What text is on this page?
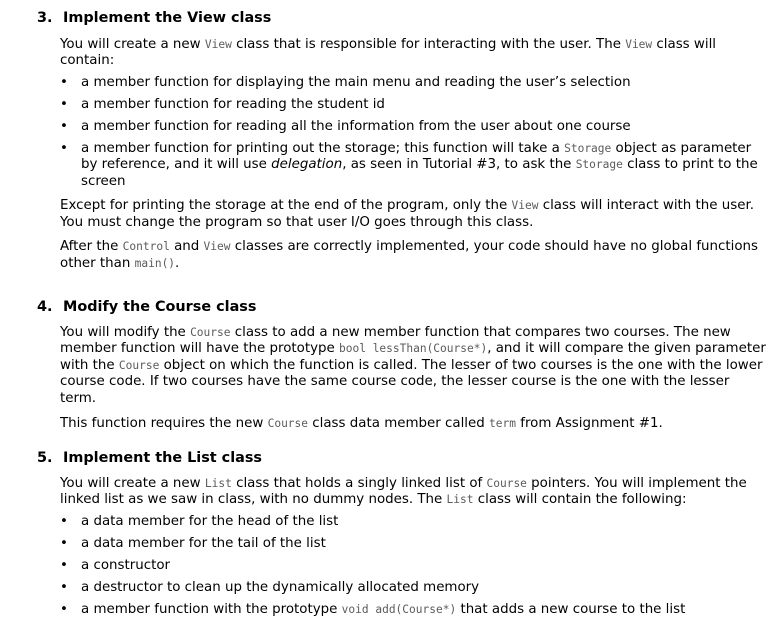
3. Implement the View class

You will create a new View class that is responsible for interacting with the user. The View class will contain:

• a member function for displaying the main menu and reading the user’s selection
• a member function for reading the student id
• a member function for reading all the information from the user about one course
• a member function for printing out the storage; this function will take a Storage object as parameter by reference, and it will use delegation, as seen in Tutorial #3, to ask the Storage class to print to the screen

Except for printing the storage at the end of the program, only the View class will interact with the user. You must change the program so that user I/O goes through this class.

After the Control and View classes are correctly implemented, your code should have no global functions other than main().

4. Modify the Course class

You will modify the Course class to add a new member function that compares two courses. The new member function will have the prototype bool lessThan(Course*), and it will compare the given parameter with the Course object on which the function is called. The lesser of two courses is the one with the lower course code. If two courses have the same course code, the lesser course is the one with the lesser term.

This function requires the new Course class data member called term from Assignment #1.

5. Implement the List class

You will create a new List class that holds a singly linked list of Course pointers. You will implement the linked list as we saw in class, with no dummy nodes. The List class will contain the following:

• a data member for the head of the list
• a data member for the tail of the list
• a constructor
• a destructor to clean up the dynamically allocated memory
• a member function with the prototype void add(Course*) that adds a new course to the list
